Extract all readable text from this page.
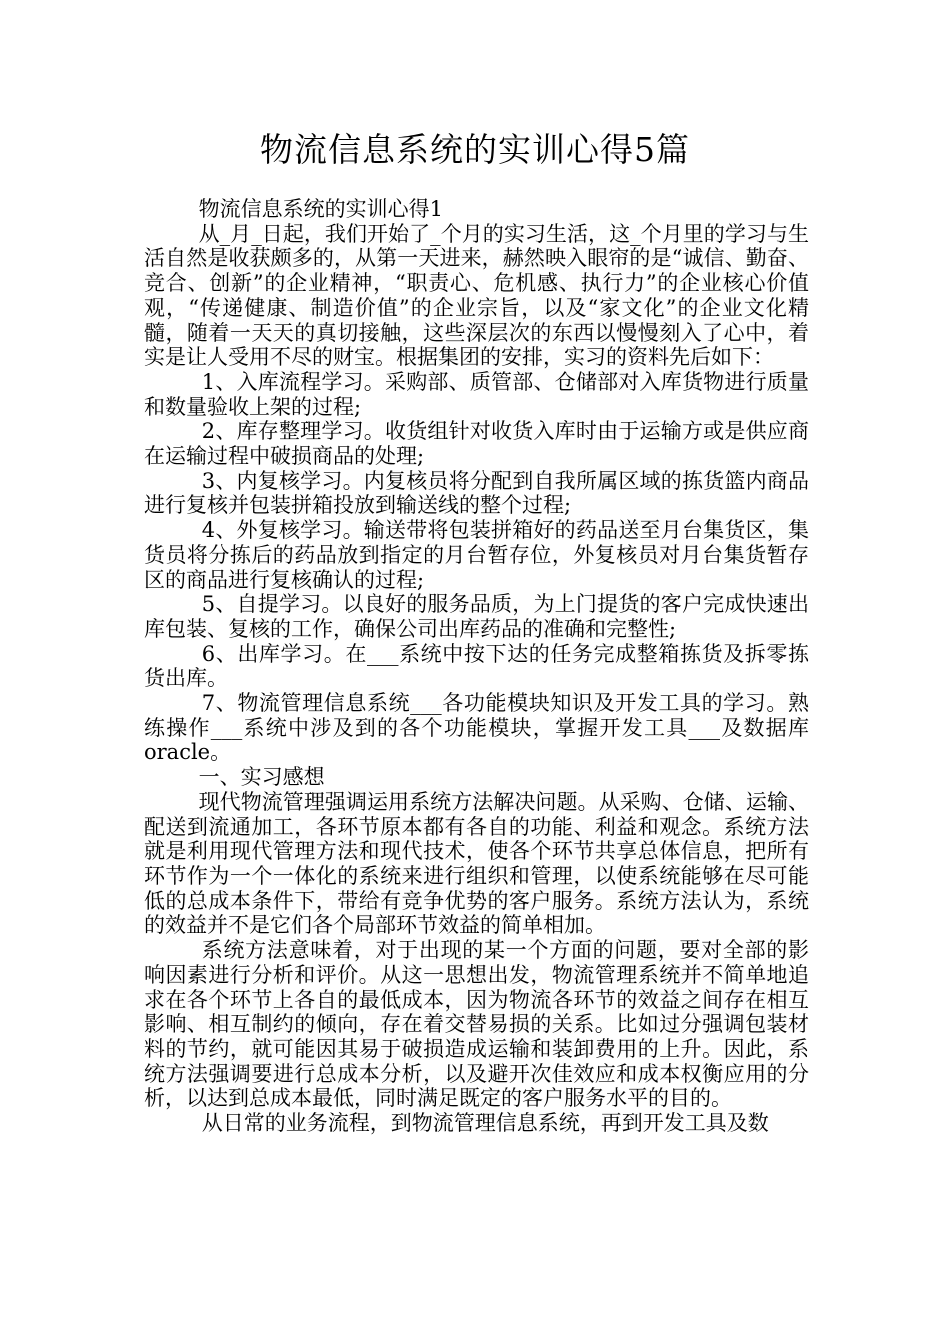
物流信息系统的实训心得5篇

物流信息系统的实训心得1

从_月_日起，我们开始了_个月的实习生活，这_个月里的学习与生活自然是收获颇多的，从第一天进来，赫然映入眼帘的是“诚信、勤奋、竞合、创新”的企业精神，“职责心、危机感、执行力”的企业核心价值观，“传递健康、制造价值”的企业宗旨，以及“家文化”的企业文化精髓，随着一天天的真切接触，这些深层次的东西以慢慢刻入了心中，着实是让人受用不尽的财宝。根据集团的安排，实习的资料先后如下：

1、入库流程学习。采购部、质管部、仓储部对入库货物进行质量和数量验收上架的过程;

2、库存整理学习。收货组针对收货入库时由于运输方或是供应商在运输过程中破损商品的处理;

3、内复核学习。内复核员将分配到自我所属区域的拣货篮内商品进行复核并包装拼箱投放到输送线的整个过程;

4、外复核学习。输送带将包装拼箱好的药品送至月台集货区，集货员将分拣后的药品放到指定的月台暂存位，外复核员对月台集货暂存区的商品进行复核确认的过程;

5、自提学习。以良好的服务品质，为上门提货的客户完成快速出库包装、复核的工作，确保公司出库药品的准确和完整性;

6、出库学习。在___系统中按下达的任务完成整箱拣货及拆零拣货出库。

7、物流管理信息系统___各功能模块知识及开发工具的学习。熟练操作___系统中涉及到的各个功能模块，掌握开发工具___及数据库oracle。

一、实习感想

现代物流管理强调运用系统方法解决问题。从采购、仓储、运输、配送到流通加工，各环节原本都有各自的功能、利益和观念。系统方法就是利用现代管理方法和现代技术，使各个环节共享总体信息，把所有环节作为一个一体化的系统来进行组织和管理，以使系统能够在尽可能低的总成本条件下，带给有竞争优势的客户服务。系统方法认为，系统的效益并不是它们各个局部环节效益的简单相加。

系统方法意味着，对于出现的某一个方面的问题，要对全部的影响因素进行分析和评价。从这一思想出发，物流管理系统并不简单地追求在各个环节上各自的最低成本，因为物流各环节的效益之间存在相互影响、相互制约的倾向，存在着交替易损的关系。比如过分强调包装材料的节约，就可能因其易于破损造成运输和装卸费用的上升。因此，系统方法强调要进行总成本分析，以及避开次佳效应和成本权衡应用的分析，以达到总成本最低，同时满足既定的客户服务水平的目的。

从日常的业务流程，到物流管理信息系统，再到开发工具及数
